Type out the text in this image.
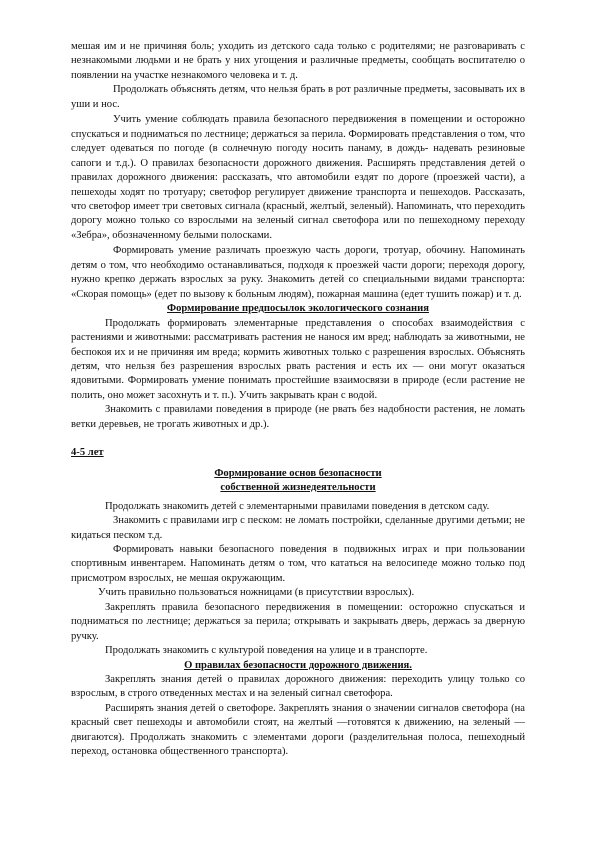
мешая им и не причиняя боль; уходить из детского сада только с родителями; не разговаривать с незнакомыми людьми и не брать у них угощения и различные предметы, сообщать воспитателю о появлении на участке незнакомого человека и т. д.

Продолжать объяснять детям, что нельзя брать в рот различные предметы, засовывать их в уши и нос.

Учить умение соблюдать правила безопасного передвижения в помещении и осторожно спускаться и подниматься по лестнице; держаться за перила. Формировать представления о том, что следует одеваться по погоде (в солнечную погоду носить панаму, в дождь- надевать резиновые сапоги и т.д.). О правилах безопасности дорожного движения. Расширять представления детей о правилах дорожного движения: рассказать, что автомобили ездят по дороге (проезжей части), а пешеходы ходят по тротуару; светофор регулирует движение транспорта и пешеходов. Рассказать, что светофор имеет три световых сигнала (красный, желтый, зеленый). Напоминать, что переходить дорогу можно только со взрослыми на зеленый сигнал светофора или по пешеходному переходу «Зебра», обозначенному белыми полосками.

Формировать умение различать проезжую часть дороги, тротуар, обочину. Напоминать детям о том, что необходимо останавливаться, подходя к проезжей части дороги; переходя дорогу, нужно крепко держать взрослых за руку. Знакомить детей со специальными видами транспорта: «Скорая помощь» (едет по вызову к больным людям), пожарная машина (едет тушить пожар) и т. д.

Формирование предпосылок экологического сознания

Продолжать формировать элементарные представления о способах взаимодействия с растениями и животными: рассматривать растения не нанося им вред; наблюдать за животными, не беспокоя их и не причиняя им вреда; кормить животных только с разрешения взрослых. Объяснять детям, что нельзя без разрешения взрослых рвать растения и есть их — они могут оказаться ядовитыми. Формировать умение понимать простейшие взаимосвязи в природе (если растение не полить, оно может засохнуть и т. п.). Учить закрывать кран с водой.

Знакомить с правилами поведения в природе (не рвать без надобности растения, не ломать ветки деревьев, не трогать животных и др.).

4-5 лет

Формирование основ безопасности

собственной жизнедеятельности

Продолжать знакомить детей с элементарными правилами поведения в детском саду.

Знакомить с правилами игр с песком: не ломать постройки, сделанные другими детьми; не кидаться песком т.д.

Формировать навыки безопасного поведения в подвижных играх и при пользовании спортивным инвентарем. Напоминать детям о том, что кататься на велосипеде можно только под присмотром взрослых, не мешая окружающим.

Учить правильно пользоваться ножницами (в присутствии взрослых).

Закреплять правила безопасного передвижения в помещении: осторожно спускаться и подниматься по лестнице; держаться за перила; открывать и закрывать дверь, держась за дверную ручку.

Продолжать знакомить с культурой поведения на улице и в транспорте.

О правилах безопасности дорожного движения.

Закреплять знания детей о правилах дорожного движения: переходить улицу только со взрослым, в строго отведенных местах и на зеленый сигнал светофора.

Расширять знания детей о светофоре. Закреплять знания о значении сигналов светофора (на красный свет пешеходы и автомобили стоят, на желтый —готовятся к движению, на зеленый —двигаются). Продолжать знакомить с элементами дороги (разделительная полоса, пешеходный переход, остановка общественного транспорта).
